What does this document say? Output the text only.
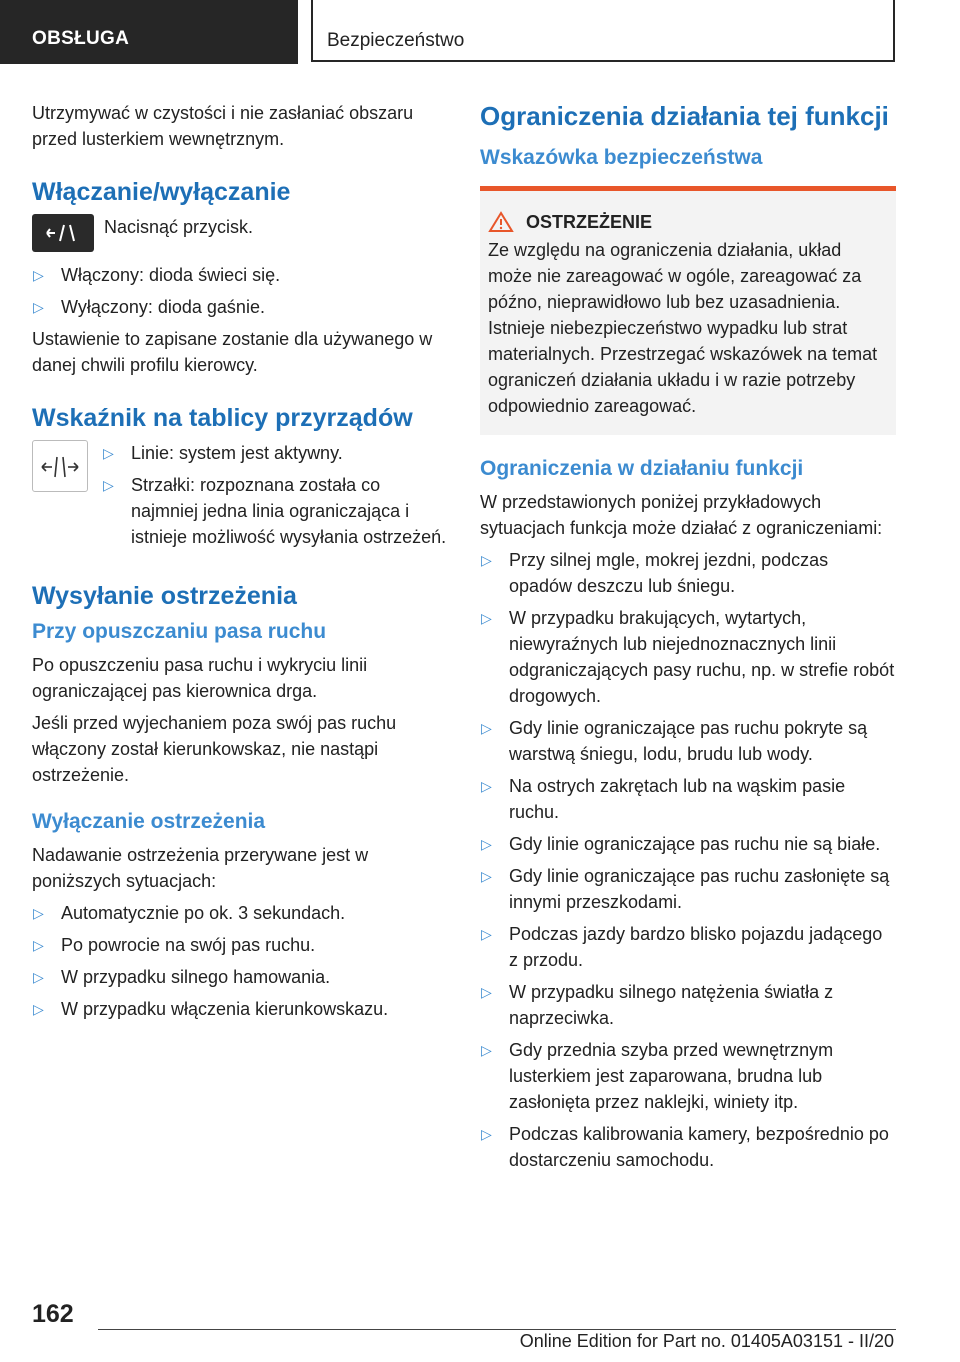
OBSŁUGA	Bezpieczeństwo

Utrzymywać w czystości i nie zasłaniać obszaru przed lusterkiem wewnętrznym.

Włączanie/wyłączanie

Nacisnąć przycisk.

▷ Włączony: dioda świeci się.
▷ Wyłączony: dioda gaśnie.

Ustawienie to zapisane zostanie dla używanego w danej chwili profilu kierowcy.

Wskaźnik na tablicy przyrządów
▷ Linie: system jest aktywny.
▷ Strzałki: rozpoznana została co najmniej jedna linia ograniczająca i istnieje możliwość wysyłania ostrzeżeń.
Wysyłanie ostrzeżenia
Przy opuszczaniu pasa ruchu

Po opuszczeniu pasa ruchu i wykryciu linii ograniczającej pas kierownica drga.

Jeśli przed wyjechaniem poza swój pas ruchu włączony został kierunkowskaz, nie nastąpi ostrzeżenie.

Wyłączanie ostrzeżenia

Nadawanie ostrzeżenia przerywane jest w poniższych sytuacjach:

▷ Automatycznie po ok. 3 sekundach.
▷ Po powrocie na swój pas ruchu.
▷ W przypadku silnego hamowania.
▷ W przypadku włączenia kierunkowskazu.
Ograniczenia działania tej funkcji
Wskazówka bezpieczeństwa
OSTRZEŻENIE

Ze względu na ograniczenia działania, układ może nie zareagować w ogóle, zareagować za późno, nieprawidłowo lub bez uzasadnienia. Istnieje niebezpieczeństwo wypadku lub strat materialnych. Przestrzegać wskazówek na temat ograniczeń działania układu i w razie potrzeby odpowiednio zareagować.

Ograniczenia w działaniu funkcji

W przedstawionych poniżej przykładowych sytuacjach funkcja może działać z ograniczeniami:

▷ Przy silnej mgle, mokrej jezdni, podczas opadów deszczu lub śniegu.
▷ W przypadku brakujących, wytartych, niewyraźnych lub niejednoznacznych linii odgraniczających pasy ruchu, np. w strefie robót drogowych.
▷ Gdy linie ograniczające pas ruchu pokryte są warstwą śniegu, lodu, brudu lub wody.
▷ Na ostrych zakrętach lub na wąskim pasie ruchu.
▷ Gdy linie ograniczające pas ruchu nie są białe.
▷ Gdy linie ograniczające pas ruchu zasłonięte są innymi przeszkodami.
▷ Podczas jazdy bardzo blisko pojazdu jadącego z przodu.
▷ W przypadku silnego natężenia światła z naprzeciwka.
▷ Gdy przednia szyba przed wewnętrznym lusterkiem jest zaparowana, brudna lub zasłonięta przez naklejki, winiety itp.
▷ Podczas kalibrowania kamery, bezpośrednio po dostarczeniu samochodu.
162
Online Edition for Part no. 01405A03151 - II/20
